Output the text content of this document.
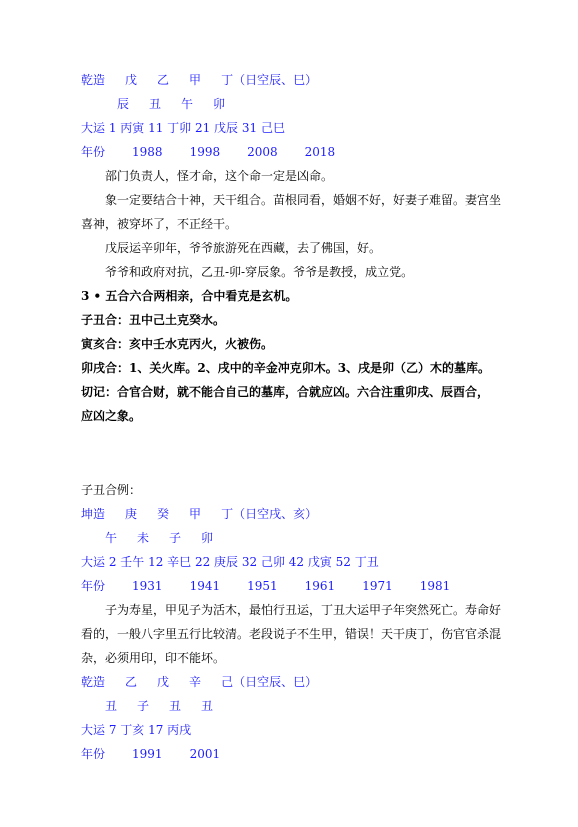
乾造 戊 乙 甲 丁（日空辰、巳）
辰 丑 午 卯
大运 1 丙寅 11 丁卯 21 戊辰 31 己巳
年份 1988 1998 2008 2018
部门负责人，怪才命，这个命一定是凶命。
象一定要结合十神，天干组合。苗根同看，婚姻不好，好妻子难留。妻宫坐
喜神，被穿坏了，不正经干。
戊辰运辛卯年，爷爷旅游死在西藏，去了佛国，好。
爷爷和政府对抗，乙丑-卯-穿辰象。爷爷是教授，成立党。
3 • 五合六合两相亲，合中看克是玄机。
子丑合：丑中己土克癸水。
寅亥合：亥中壬水克丙火，火被伤。
卯戌合：1、关火库。2、戌中的辛金冲克卯木。3、戌是卯（乙）木的墓库。
切记：合官合财，就不能合自己的墓库，合就应凶。六合注重卯戌、辰酉合，
应凶之象。
子丑合例：
坤造 庚 癸 甲 丁（日空戌、亥）
午 未 子 卯
大运 2 壬午 12 辛巳 22 庚辰 32 己卯 42 戊寅 52 丁丑
年份 1931 1941 1951 1961 1971 1981
子为寿星，甲见子为活木，最怕行丑运，丁丑大运甲子年突然死亡。寿命好
看的，一般八字里五行比较清。老段说子不生甲，错误！天干庚丁，伤官官杀混
杂，必须用印，印不能坏。
乾造 乙 戊 辛 己（日空辰、巳）
丑 子 丑 丑
大运 7 丁亥 17 丙戌
年份 1991 2001
